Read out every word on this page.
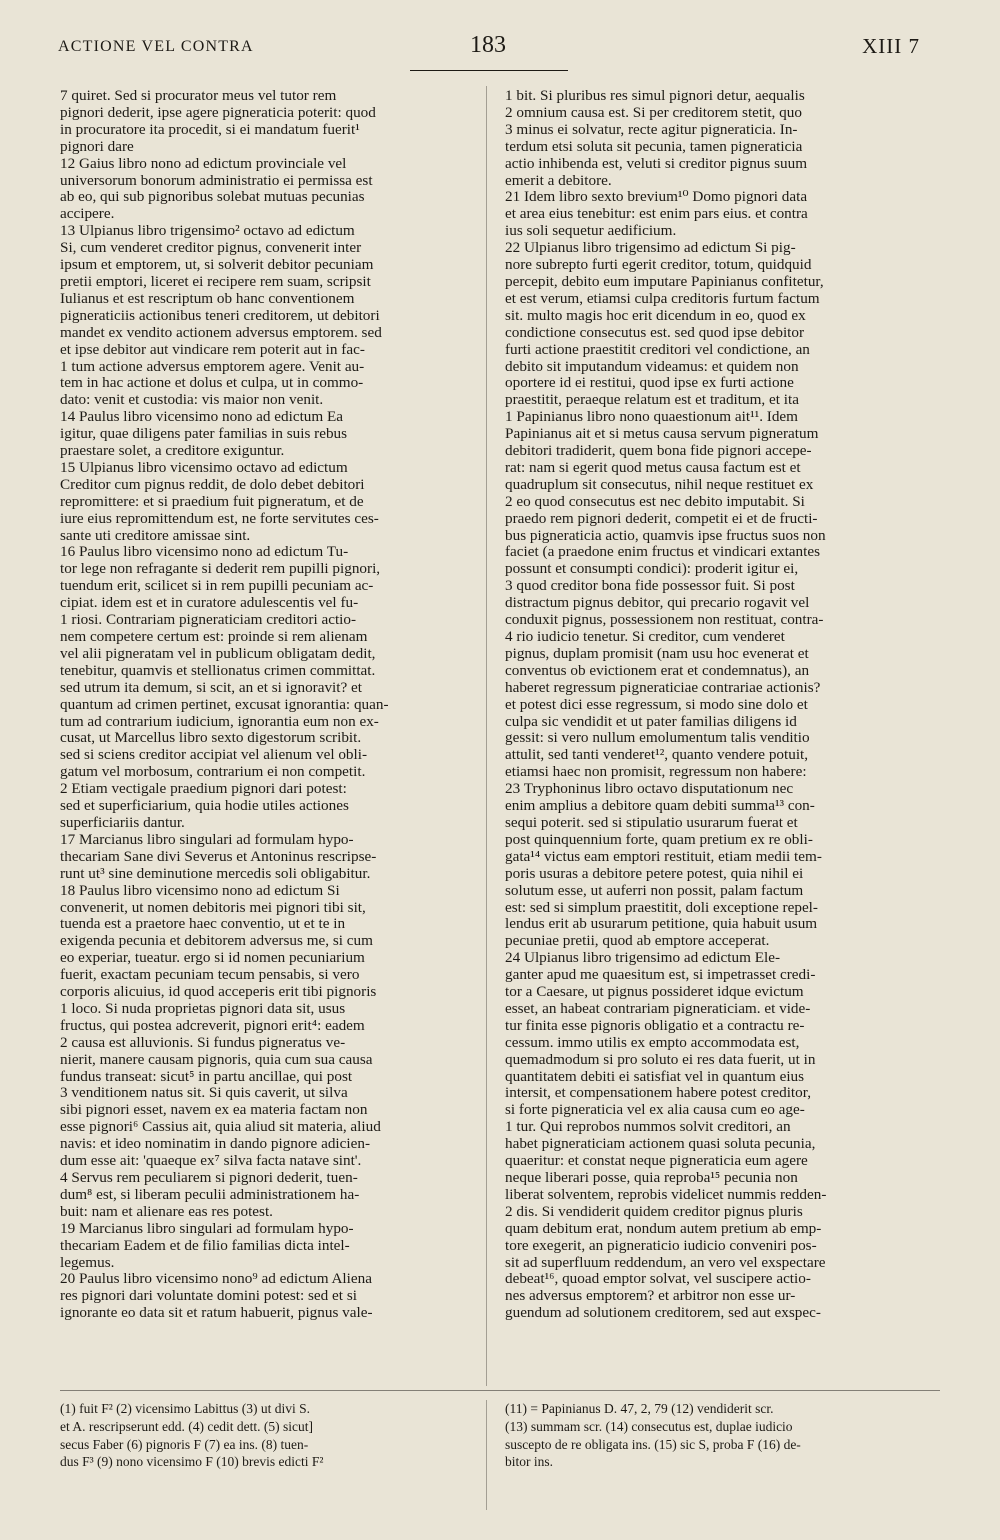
ACTIONE VEL CONTRA	183	XIII 7
7 quiret. Sed si procurator meus vel tutor rem
pignori dederit, ipse agere pigneraticia poterit: quod
in procuratore ita procedit, si ei mandatum fuerit¹
pignori dare
12 Gaius libro nono ad edictum provinciale vel
universorum bonorum administratio ei permissa est
ab eo, qui sub pignoribus solebat mutuas pecunias
accipere.
13 Ulpianus libro trigensimo² octavo ad edictum
Si, cum venderet creditor pignus, convenerit inter
ipsum et emptorem, ut, si solverit debitor pecuniam
pretii emptori, liceret ei recipere rem suam, scripsit
Iulianus et est rescriptum ob hanc conventionem
pigneraticiis actionibus teneri creditorem, ut debitori
mandet ex vendito actionem adversus emptorem. sed
et ipse debitor aut vindicare rem poterit aut in fac-
1 tum actione adversus emptorem agere. Venit au-
tem in hac actione et dolus et culpa, ut in commo-
dato: venit et custodia: vis maior non venit.
14 Paulus libro vicensimo nono ad edictum Ea
igitur, quae diligens pater familias in suis rebus
praestare solet, a creditore exiguntur.
15 Ulpianus libro vicensimo octavo ad edictum
Creditor cum pignus reddit, de dolo debet debitori
repromittere: et si praedium fuit pigneratum, et de
iure eius repromittendum est, ne forte servitutes ces-
sante uti creditore amissae sint.
16 Paulus libro vicensimo nono ad edictum Tu-
tor lege non refragante si dederit rem pupilli pignori,
tuendum erit, scilicet si in rem pupilli pecuniam ac-
cipiat. idem est et in curatore adulescentis vel fu-
1 riosi. Contrariam pigneraticiam creditori actio-
nem competere certum est: proinde si rem alienam
vel alii pigneratam vel in publicum obligatam dedit,
tenebitur, quamvis et stellionatus crimen committat.
sed utrum ita demum, si scit, an et si ignoravit? et
quantum ad crimen pertinet, excusat ignorantia: quan-
tum ad contrarium iudicium, ignorantia eum non ex-
cusat, ut Marcellus libro sexto digestorum scribit.
sed si sciens creditor accipiat vel alienum vel obli-
gatum vel morbosum, contrarium ei non competit.
2 Etiam vectigale praedium pignori dari potest:
sed et superficiarium, quia hodie utiles actiones
superficiariis dantur.
17 Marcianus libro singulari ad formulam hypo-
thecariam Sane divi Severus et Antoninus rescripse-
runt ut³ sine deminutione mercedis soli obligabitur.
18 Paulus libro vicensimo nono ad edictum Si
convenerit, ut nomen debitoris mei pignori tibi sit,
tuenda est a praetore haec conventio, ut et te in
exigenda pecunia et debitorem adversus me, si cum
eo experiar, tueatur. ergo si id nomen pecuniarium
fuerit, exactam pecuniam tecum pensabis, si vero
corporis alicuius, id quod acceperis erit tibi pignoris
1 loco. Si nuda proprietas pignori data sit, usus
fructus, qui postea adcreverit, pignori erit⁴: eadem
2 causa est alluvionis. Si fundus pigneratus ve-
nierit, manere causam pignoris, quia cum sua causa
fundus transeat: sicut⁵ in partu ancillae, qui post
3 venditionem natus sit. Si quis caverit, ut silva
sibi pignori esset, navem ex ea materia factam non
esse pignori⁶ Cassius ait, quia aliud sit materia, aliud
navis: et ideo nominatim in dando pignore adicien-
dum esse ait: 'quaeque ex⁷ silva facta natave sint'.
4 Servus rem peculiarem si pignori dederit, tuen-
dum⁸ est, si liberam peculii administrationem ha-
buit: nam et alienare eas res potest.
19 Marcianus libro singulari ad formulam hypo-
thecariam Eadem et de filio familias dicta intel-
legemus.
20 Paulus libro vicensimo nono⁹ ad edictum Aliena
res pignori dari voluntate domini potest: sed et si
ignorante eo data sit et ratum habuerit, pignus vale-
1 bit. Si pluribus res simul pignori detur, aequalis
2 omnium causa est. Si per creditorem stetit, quo
3 minus ei solvatur, recte agitur pigneraticia. In-
terdum etsi soluta sit pecunia, tamen pigneraticia
actio inhibenda est, veluti si creditor pignus suum
emerit a debitore.
21 Idem libro sexto brevium¹⁰ Domo pignori data
et area eius tenebitur: est enim pars eius. et contra
ius soli sequetur aedificium.
22 Ulpianus libro trigensimo ad edictum Si pig-
nore subrepto furti egerit creditor, totum, quidquid
percepit, debito eum imputare Papinianus confitetur,
et est verum, etiamsi culpa creditoris furtum factum
sit. multo magis hoc erit dicendum in eo, quod ex
condictione consecutus est. sed quod ipse debitor
furti actione praestitit creditori vel condictione, an
debito sit imputandum videamus: et quidem non
oportere id ei restitui, quod ipse ex furti actione
praestitit, peraeque relatum est et traditum, et ita
1 Papinianus libro nono quaestionum ait¹¹. Idem
Papinianus ait et si metus causa servum pigneratum
debitori tradiderit, quem bona fide pignori accepe-
rat: nam si egerit quod metus causa factum est et
quadruplum sit consecutus, nihil neque restituet ex
2 eo quod consecutus est nec debito imputabit. Si
praedo rem pignori dederit, competit ei et de fructi-
bus pigneraticia actio, quamvis ipse fructus suos non
faciet (a praedone enim fructus et vindicari extantes
possunt et consumpti condici): proderit igitur ei,
3 quod creditor bona fide possessor fuit. Si post
distractum pignus debitor, qui precario rogavit vel
conduxit pignus, possessionem non restituat, contra-
4 rio iudicio tenetur. Si creditor, cum venderet
pignus, duplam promisit (nam usu hoc evenerat et
conventus ob evictionem erat et condemnatus), an
haberet regressum pigneraticiae contrariae actionis?
et potest dici esse regressum, si modo sine dolo et
culpa sic vendidit et ut pater familias diligens id
gessit: si vero nullum emolumentum talis venditio
attulit, sed tanti venderet¹², quanto vendere potuit,
etiamsi haec non promisit, regressum non habere:
23 Tryphoninus libro octavo disputationum nec
enim amplius a debitore quam debiti summa¹³ con-
sequi poterit. sed si stipulatio usurarum fuerat et
post quinquennium forte, quam pretium ex re obli-
gata¹⁴ victus eam emptori restituit, etiam medii tem-
poris usuras a debitore petere potest, quia nihil ei
solutum esse, ut auferri non possit, palam factum
est: sed si simplum praestitit, doli exceptione repel-
lendus erit ab usurarum petitione, quia habuit usum
pecuniae pretii, quod ab emptore acceperat.
24 Ulpianus libro trigensimo ad edictum Ele-
ganter apud me quaesitum est, si impetrasset credi-
tor a Caesare, ut pignus possideret idque evictum
esset, an habeat contrariam pigneraticiam. et vide-
tur finita esse pignoris obligatio et a contractu re-
cessum. immo utilis ex empto accommodata est,
quemadmodum si pro soluto ei res data fuerit, ut in
quantitatem debiti ei satisfiat vel in quantum eius
intersit, et compensationem habere potest creditor,
si forte pigneraticia vel ex alia causa cum eo age-
1 tur. Qui reprobos nummos solvit creditori, an
habet pigneraticiam actionem quasi soluta pecunia,
quaeritur: et constat neque pigneraticia eum agere
neque liberari posse, quia reproba¹⁵ pecunia non
liberat solventem, reprobis videlicet nummis redden-
2 dis. Si vendiderit quidem creditor pignus pluris
quam debitum erat, nondum autem pretium ab emp-
tore exegerit, an pigneraticio iudicio conveniri pos-
sit ad superfluum reddendum, an vero vel exspectare
debeat¹⁶, quoad emptor solvat, vel suscipere actio-
nes adversus emptorem? et arbitror non esse ur-
guendum ad solutionem creditorem, sed aut exspec-
(1) fuit F² (2) vicensimo Labittus (3) ut divi S.
et A. rescripserunt edd. (4) cedit dett. (5) sicut]
secus Faber (6) pignoris F (7) ea ins. (8) tuen-
dus F³ (9) nono vicensimo F (10) brevis edicti F²
(11) = Papinianus D. 47, 2, 79 (12) vendiderit scr.
(13) summam scr. (14) consecutus est, duplae iudicio
suscepto de re obligata ins. (15) sic S, proba F (16) de-
bitor ins.
